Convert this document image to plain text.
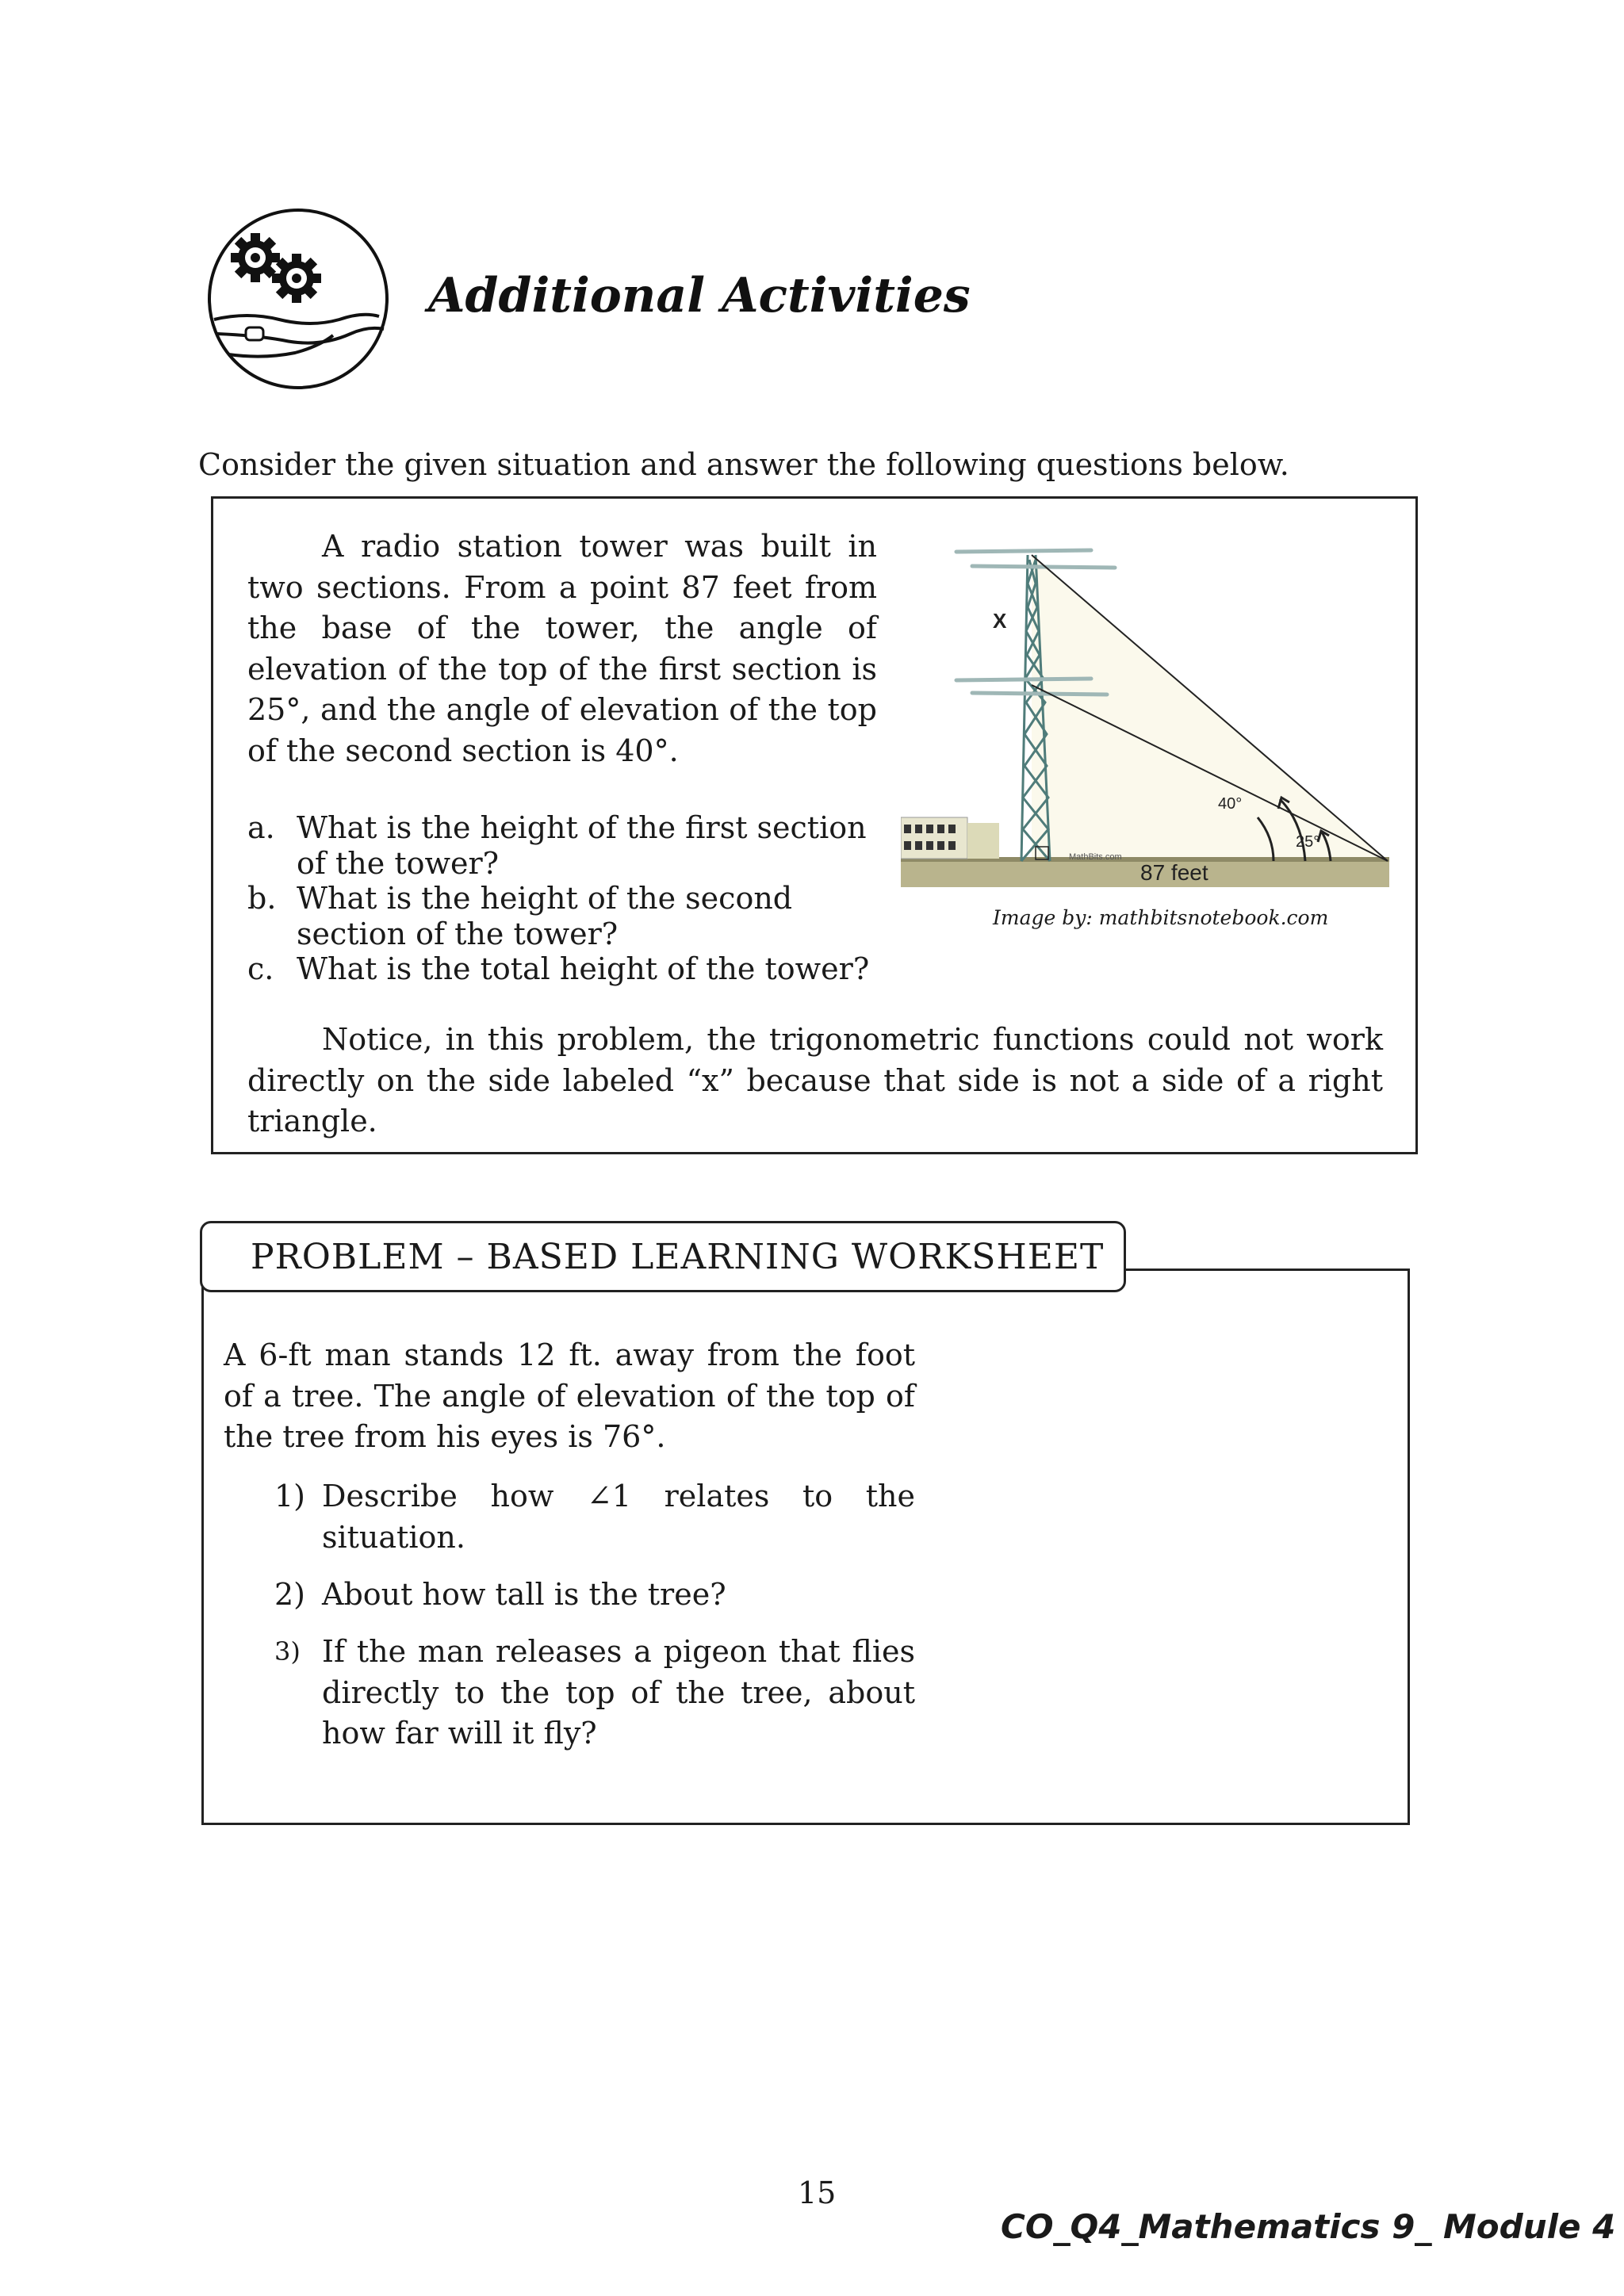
Additional Activities
Consider the given situation and answer the following questions below.
A radio station tower was built in two sections. From a point 87 feet from the base of the tower, the angle of elevation of the top of the first section is 25°, and the angle of elevation of the top of the second section is 40°.
a. What is the height of the first section of the tower?
b. What is the height of the second section of the tower?
c. What is the total height of the tower?
X
40°
25°
87 feet
MathBits.com
Image by: mathbitsnotebook.com
Notice, in this problem, the trigonometric functions could not work directly on the side labeled “x” because that side is not a side of a right triangle.
PROBLEM – BASED LEARNING WORKSHEET
A 6-ft man stands 12 ft. away from the foot of a tree. The angle of elevation of the top of the tree from his eyes is 76°.
1) Describe how ∠1 relates to the situation.
2) About how tall is the tree?
3) If the man releases a pigeon that flies directly to the top of the tree, about how far will it fly?
15
CO_Q4_Mathematics 9_ Module 4
